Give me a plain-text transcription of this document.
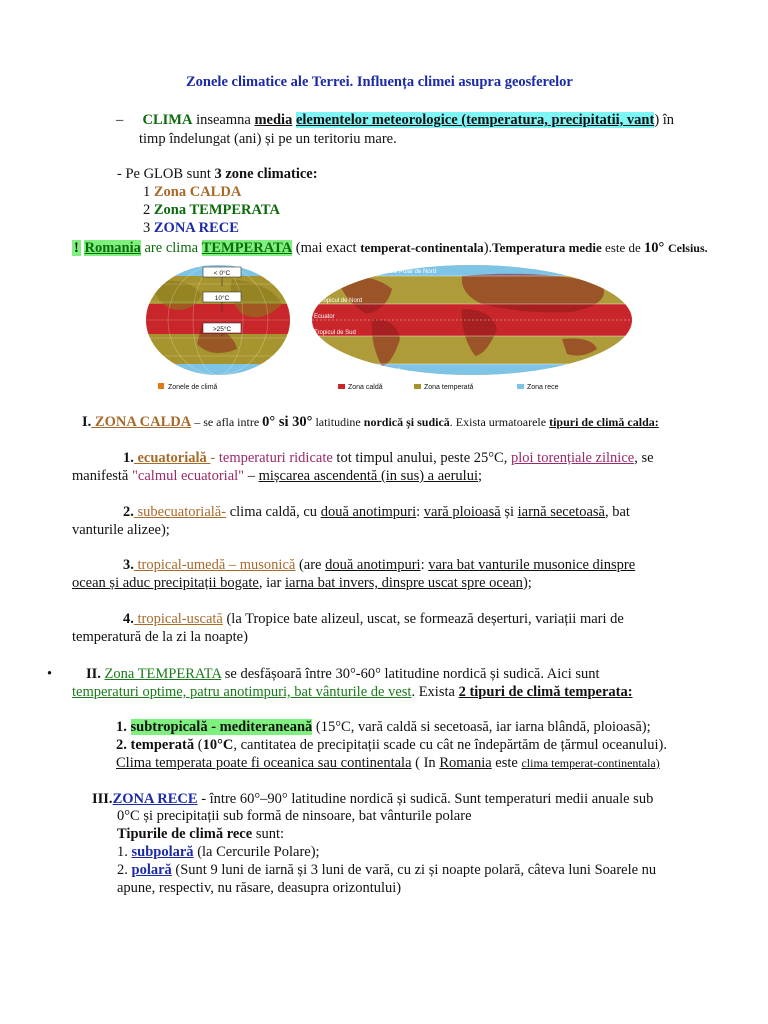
Zonele climatice ale Terrei. Influența climei asupra geosferelor
– CLIMA inseamna media elementelor meteorologice (temperatura, precipitatii, vant) în
timp îndelungat (ani) și pe un teritoriu mare.
- Pe GLOB sunt 3 zone climatice:
1 Zona CALDA
2 Zona TEMPERATA
3 ZONA RECE
! Romania are clima TEMPERATA (mai exact temperat-continentala).Temperatura medie este de 10° Celsius.
< 0°C
10°C
>25°C
Cercul Polar de Nord
Tropicul de Nord
Ecuator
Tropicul de Sud
Cercul Polar de Sud
Zonele de climă	Zona caldă	Zona temperată	Zona rece
I. ZONA CALDA – se afla intre 0° si 30° latitudine nordică și sudică. Exista urmatoarele tipuri de climă calda:
1. ecuatorială - temperaturi ridicate tot timpul anului, peste 25°C, ploi torențiale zilnice, se
manifestă "calmul ecuatorial" – mișcarea ascendentă (in sus) a aerului;
2. subecuatorială- clima caldă, cu două anotimpuri: vară ploioasă și iarnă secetoasă, bat
vanturile alizee);
3. tropical-umedă – musonică (are două anotimpuri: vara bat vanturile musonice dinspre
ocean și aduc precipitații bogate, iar iarna bat invers, dinspre uscat spre ocean);
4. tropical-uscată (la Tropice bate alizeul, uscat, se formează deșerturi, variații mari de
temperatură de la zi la noapte)
• II. Zona TEMPERATA se desfășoară între 30°-60° latitudine nordică și sudică. Aici sunt
temperaturi optime, patru anotimpuri, bat vânturile de vest. Exista 2 tipuri de climă temperata:
1. subtropicală - mediteraneană (15°C, vară caldă si secetoasă, iar iarna blândă, ploioasă);
2. temperată (10°C, cantitatea de precipitații scade cu cât ne îndepărtăm de țărmul oceanului).
Clima temperata poate fi oceanica sau continentala ( In Romania este clima temperat-continentala)
III.ZONA RECE - între 60°–90° latitudine nordică și sudică. Sunt temperaturi medii anuale sub
0°C și precipitații sub formă de ninsoare, bat vânturile polare
Tipurile de climă rece sunt:
1. subpolară (la Cercurile Polare);
2. polară (Sunt 9 luni de iarnă și 3 luni de vară, cu zi și noapte polară, câteva luni Soarele nu
apune, respectiv, nu răsare, deasupra orizontului)
